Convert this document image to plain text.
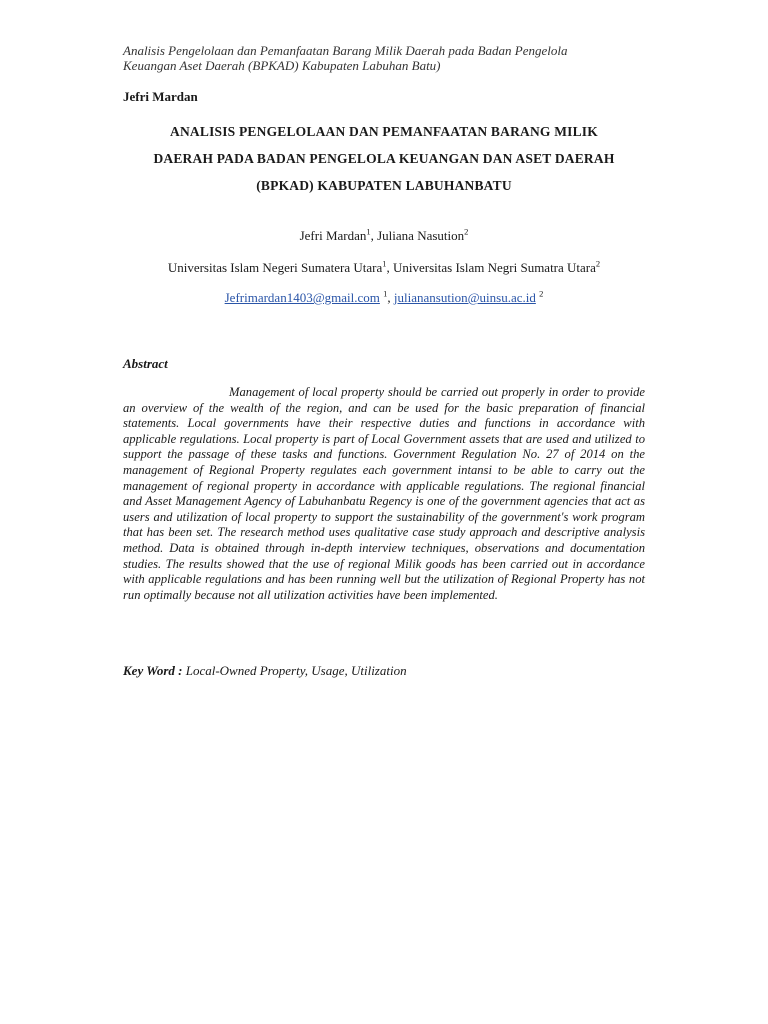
Analisis Pengelolaan dan Pemanfaatan Barang Milik Daerah pada Badan Pengelola
Keuangan Aset Daerah (BPKAD) Kabupaten Labuhan Batu)
Jefri Mardan
ANALISIS PENGELOLAAN DAN PEMANFAATAN BARANG MILIK
DAERAH PADA BADAN PENGELOLA KEUANGAN DAN ASET DAERAH
(BPKAD) KABUPATEN LABUHANBATU
Jefri Mardan$^1$, Juliana Nasution$^2$
Universitas Islam Negeri Sumatera Utara$^1$, Universitas Islam Negri Sumatra Utara$^2$
Jefrimardan1403@gmail.com $^1$, julianansution@uinsu.ac.id $^2$
Abstract
Management of local property should be carried out properly in order to provide an overview of the wealth of the region, and can be used for the basic preparation of financial statements. Local governments have their respective duties and functions in accordance with applicable regulations. Local property is part of Local Government assets that are used and utilized to support the passage of these tasks and functions. Government Regulation No. 27 of 2014 on the management of Regional Property regulates each government intansi to be able to carry out the management of regional property in accordance with applicable regulations. The regional financial and Asset Management Agency of Labuhanbatu Regency is one of the government agencies that act as users and utilization of local property to support the sustainability of the government's work program that has been set. The research method uses qualitative case study approach and descriptive analysis method. Data is obtained through in-depth interview techniques, observations and documentation studies. The results showed that the use of regional Milik goods has been carried out in accordance with applicable regulations and has been running well but the utilization of Regional Property has not run optimally because not all utilization activities have been implemented.
Key Word : Local-Owned Property, Usage, Utilization
